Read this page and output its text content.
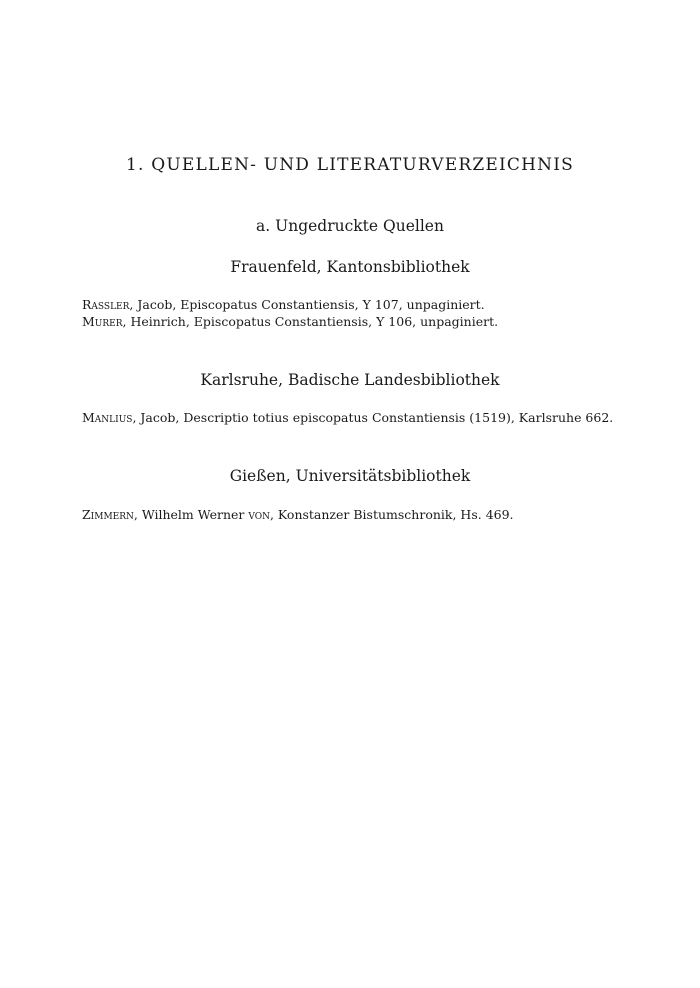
1. QUELLEN- UND LITERATURVERZEICHNIS
a. Ungedruckte Quellen
Frauenfeld, Kantonsbibliothek

Rassler, Jacob, Episcopatus Constantiensis, Y 107, unpaginiert.

Murer, Heinrich, Episcopatus Constantiensis, Y 106, unpaginiert.

Karlsruhe, Badische Landesbibliothek

Manlius, Jacob, Descriptio totius episcopatus Constantiensis (1519), Karlsruhe 662.

Gießen, Universitätsbibliothek

Zimmern, Wilhelm Werner von, Konstanzer Bistumschronik, Hs. 469.
